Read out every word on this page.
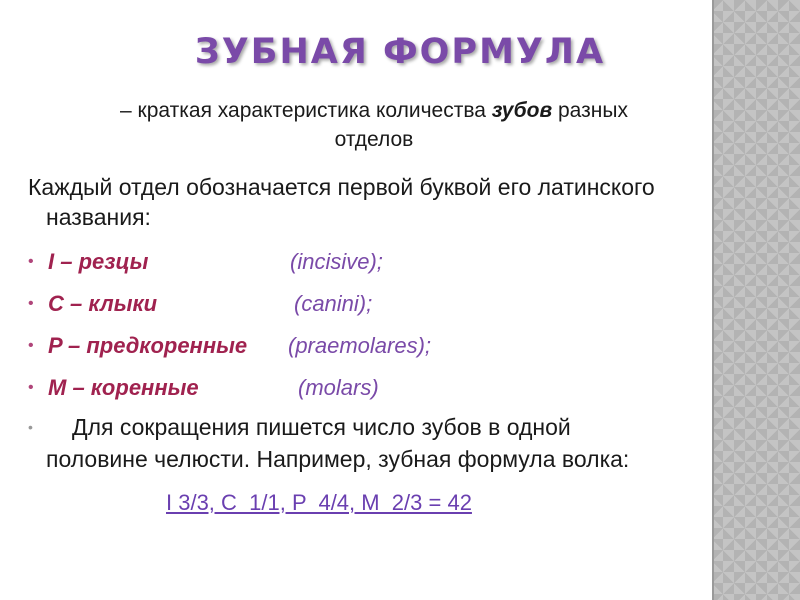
ЗУБНАЯ ФОРМУЛА
– краткая характеристика количества зубов разных
отделов
Каждый отдел обозначается первой буквой его латинского
названия:
• I – резцы	(incisive);
• С – клыки	(canini);
• P – предкоренные (praemolares);
• M – коренные	(molars)
• Для сокращения пишется число зубов в одной
половине челюсти. Например, зубная формула волка:
I 3/3, C  1/1, P  4/4, M  2/3 = 42
